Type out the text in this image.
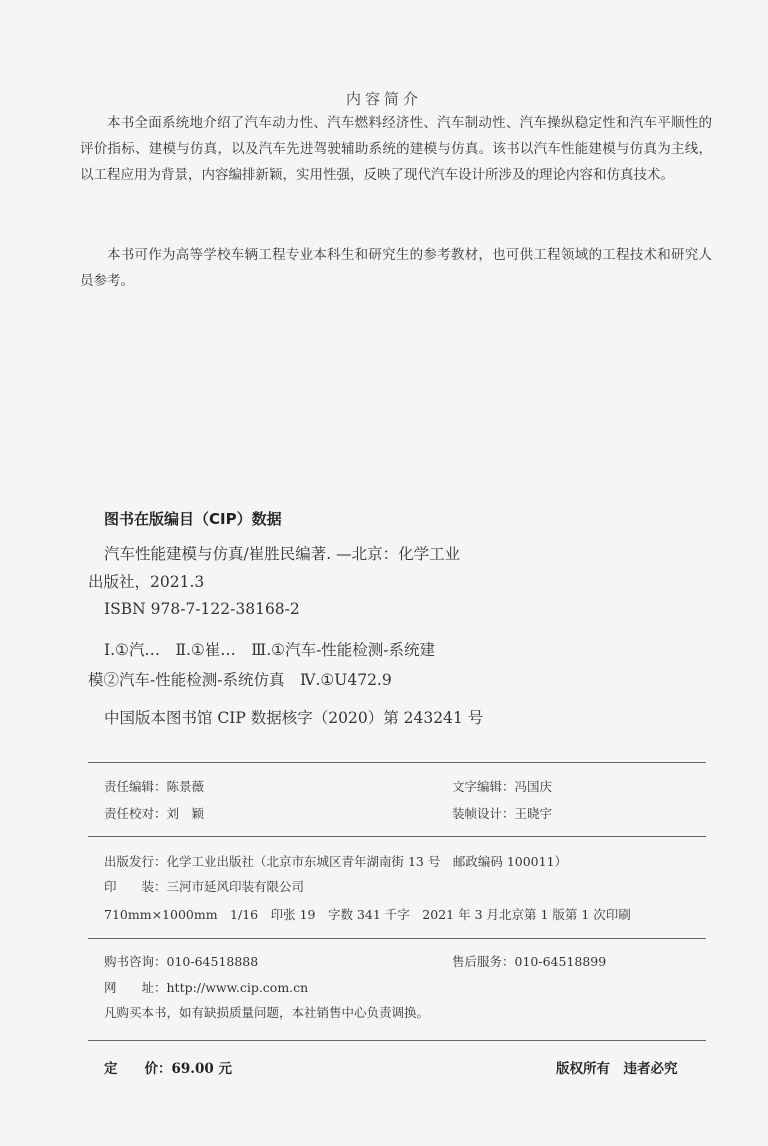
内容简介

本书全面系统地介绍了汽车动力性、汽车燃料经济性、汽车制动性、汽车操纵稳定性和汽车平顺性的评价指标、建模与仿真，以及汽车先进驾驶辅助系统的建模与仿真。该书以汽车性能建模与仿真为主线，以工程应用为背景，内容编排新颖，实用性强，反映了现代汽车设计所涉及的理论内容和仿真技术。

本书可作为高等学校车辆工程专业本科生和研究生的参考教材，也可供工程领域的工程技术和研究人员参考。

图书在版编目（CIP）数据
汽车性能建模与仿真/崔胜民编著. —北京：化学工业
出版社，2021.3
ISBN 978-7-122-38168-2
Ⅰ.①汽…　Ⅱ.①崔…　Ⅲ.①汽车-性能检测-系统建
模②汽车-性能检测-系统仿真　Ⅳ.①U472.9
中国版本图书馆 CIP 数据核字（2020）第 243241 号
责任编辑：陈景薇	文字编辑：冯国庆
责任校对：刘　颖	装帧设计：王晓宇
出版发行：化学工业出版社（北京市东城区青年湖南街 13 号　邮政编码 100011）
印　　装：三河市延风印装有限公司
710mm×1000mm　1/16　印张 19　字数 341 千字　2021 年 3 月北京第 1 版第 1 次印刷
购书咨询：010-64518888	售后服务：010-64518899
网　　址：http://www.cip.com.cn
凡购买本书，如有缺损质量问题，本社销售中心负责调换。
定　　价：69.00 元	版权所有　违者必究
